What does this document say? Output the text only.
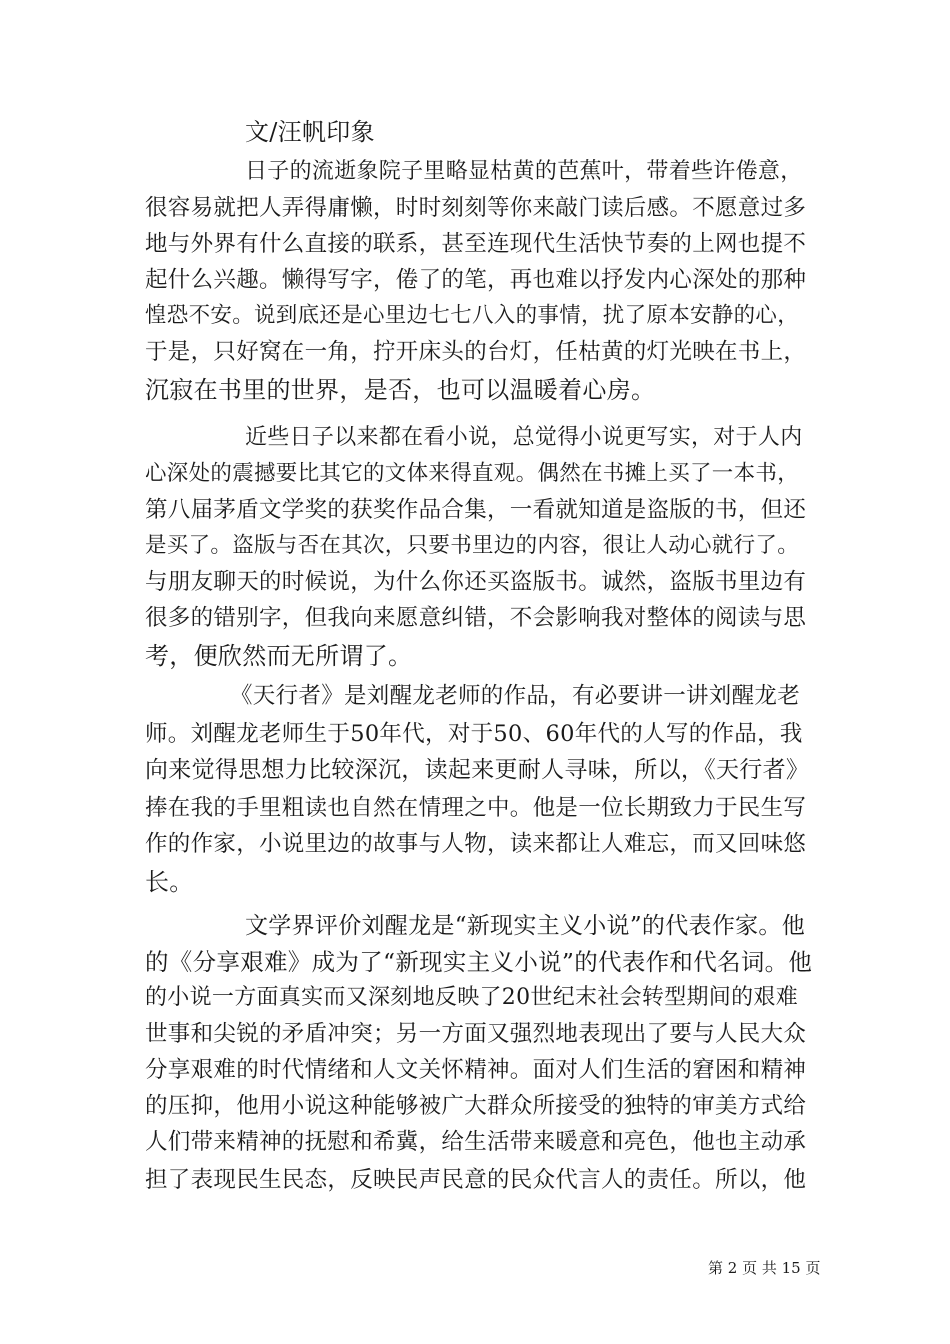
文/汪帆印象

日子的流逝象院子里略显枯黄的芭蕉叶，带着些许倦意，

很容易就把人弄得庸懒，时时刻刻等你来敲门读后感。不愿意过多

地与外界有什么直接的联系，甚至连现代生活快节奏的上网也提不

起什么兴趣。懒得写字，倦了的笔，再也难以抒发内心深处的那种

惶恐不安。说到底还是心里边七七八入的事情，扰了原本安静的心，

于是，只好窝在一角，拧开床头的台灯，任枯黄的灯光映在书上，

沉寂在书里的世界，是否，也可以温暖着心房。

近些日子以来都在看小说，总觉得小说更写实，对于人内

心深处的震撼要比其它的文体来得直观。偶然在书摊上买了一本书，

第八届茅盾文学奖的获奖作品合集，一看就知道是盗版的书，但还

是买了。盗版与否在其次，只要书里边的内容，很让人动心就行了。

与朋友聊天的时候说，为什么你还买盗版书。诚然，盗版书里边有

很多的错别字，但我向来愿意纠错，不会影响我对整体的阅读与思

考，便欣然而无所谓了。

《天行者》是刘醒龙老师的作品，有必要讲一讲刘醒龙老

师。刘醒龙老师生于50年代，对于50、60年代的人写的作品，我

向来觉得思想力比较深沉，读起来更耐人寻味，所以，《天行者》

捧在我的手里粗读也自然在情理之中。他是一位长期致力于民生写

作的作家，小说里边的故事与人物，读来都让人难忘，而又回味悠

长。

文学界评价刘醒龙是“新现实主义小说”的代表作家。他

的《分享艰难》成为了“新现实主义小说”的代表作和代名词。他

的小说一方面真实而又深刻地反映了20世纪末社会转型期间的艰难

世事和尖锐的矛盾冲突；另一方面又强烈地表现出了要与人民大众

分享艰难的时代情绪和人文关怀精神。面对人们生活的窘困和精神

的压抑，他用小说这种能够被广大群众所接受的独特的审美方式给

人们带来精神的抚慰和希冀，给生活带来暖意和亮色，他也主动承

担了表现民生民态，反映民声民意的民众代言人的责任。所以，他

第 2 页 共 15 页
